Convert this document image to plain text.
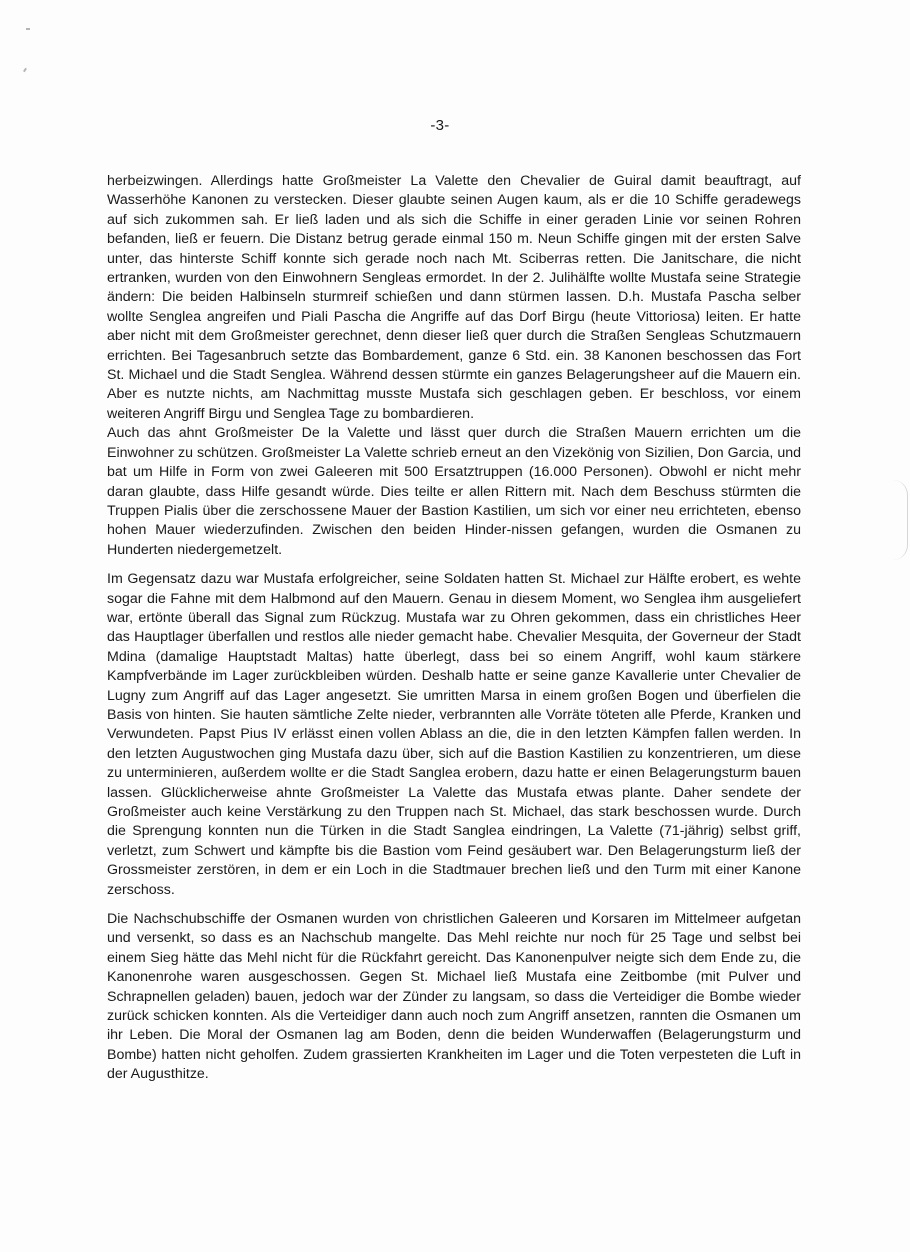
-3-

herbeizwingen. Allerdings hatte Großmeister La Valette den Chevalier de Guiral damit beauftragt, auf Wasserhöhe Kanonen zu verstecken. Dieser glaubte seinen Augen kaum, als er die 10 Schiffe geradewegs auf sich zukommen sah. Er ließ laden und als sich die Schiffe in einer geraden Linie vor seinen Rohren befanden, ließ er feuern. Die Distanz betrug gerade einmal 150 m. Neun Schiffe gingen mit der ersten Salve unter, das hinterste Schiff konnte sich gerade noch nach Mt. Sciberras retten. Die Janitschare, die nicht ertranken, wurden von den Einwohnern Sengleas ermordet. In der 2. Julihälfte wollte Mustafa seine Strategie ändern: Die beiden Halbinseln sturmreif schießen und dann stürmen lassen. D.h. Mustafa Pascha selber wollte Senglea angreifen und Piali Pascha die Angriffe auf das Dorf Birgu (heute Vittoriosa) leiten. Er hatte aber nicht mit dem Großmeister gerechnet, denn dieser ließ quer durch die Straßen Sengleas Schutzmauern errichten. Bei Tagesanbruch setzte das Bombardement, ganze 6 Std. ein. 38 Kanonen beschossen das Fort St. Michael und die Stadt Senglea. Während dessen stürmte ein ganzes Belagerungsheer auf die Mauern ein. Aber es nutzte nichts, am Nachmittag musste Mustafa sich geschlagen geben. Er beschloss, vor einem weiteren Angriff Birgu und Senglea Tage zu bombardieren.

Auch das ahnt Großmeister De la Valette und lässt quer durch die Straßen Mauern errichten um die Einwohner zu schützen. Großmeister La Valette schrieb erneut an den Vizekönig von Sizilien, Don Garcia, und bat um Hilfe in Form von zwei Galeeren mit 500 Ersatztruppen (16.000 Personen). Obwohl er nicht mehr daran glaubte, dass Hilfe gesandt würde. Dies teilte er allen Rittern mit. Nach dem Beschuss stürmten die Truppen Pialis über die zerschossene Mauer der Bastion Kastilien, um sich vor einer neu errichteten, ebenso hohen Mauer wiederzufinden. Zwischen den beiden Hinder-nissen gefangen, wurden die Osmanen zu Hunderten niedergemetzelt.

Im Gegensatz dazu war Mustafa erfolgreicher, seine Soldaten hatten St. Michael zur Hälfte erobert, es wehte sogar die Fahne mit dem Halbmond auf den Mauern. Genau in diesem Moment, wo Senglea ihm ausgeliefert war, ertönte überall das Signal zum Rückzug. Mustafa war zu Ohren gekommen, dass ein christliches Heer das Hauptlager überfallen und restlos alle nieder gemacht habe. Chevalier Mesquita, der Governeur der Stadt Mdina (damalige Hauptstadt Maltas) hatte überlegt, dass bei so einem Angriff, wohl kaum stärkere Kampfverbände im Lager zurückbleiben würden. Deshalb hatte er seine ganze Kavallerie unter Chevalier de Lugny zum Angriff auf das Lager angesetzt. Sie umritten Marsa in einem großen Bogen und überfielen die Basis von hinten. Sie hauten sämtliche Zelte nieder, verbrannten alle Vorräte töteten alle Pferde, Kranken und Verwundeten. Papst Pius IV erlässt einen vollen Ablass an die, die in den letzten Kämpfen fallen werden. In den letzten Augustwochen ging Mustafa dazu über, sich auf die Bastion Kastilien zu konzentrieren, um diese zu unterminieren, außerdem wollte er die Stadt Sanglea erobern, dazu hatte er einen Belagerungsturm bauen lassen. Glücklicherweise ahnte Großmeister La Valette das Mustafa etwas plante. Daher sendete der Großmeister auch keine Verstärkung zu den Truppen nach St. Michael, das stark beschossen wurde. Durch die Sprengung konnten nun die Türken in die Stadt Sanglea eindringen, La Valette (71-jährig) selbst griff, verletzt, zum Schwert und kämpfte bis die Bastion vom Feind gesäubert war. Den Belagerungsturm ließ der Grossmeister zerstören, in dem er ein Loch in die Stadtmauer brechen ließ und den Turm mit einer Kanone zerschoss.

Die Nachschubschiffe der Osmanen wurden von christlichen Galeeren und Korsaren im Mittelmeer aufgetan und versenkt, so dass es an Nachschub mangelte. Das Mehl reichte nur noch für 25 Tage und selbst bei einem Sieg hätte das Mehl nicht für die Rückfahrt gereicht. Das Kanonenpulver neigte sich dem Ende zu, die Kanonenrohe waren ausgeschossen. Gegen St. Michael ließ Mustafa eine Zeitbombe (mit Pulver und Schrapnellen geladen) bauen, jedoch war der Zünder zu langsam, so dass die Verteidiger die Bombe wieder zurück schicken konnten. Als die Verteidiger dann auch noch zum Angriff ansetzen, rannten die Osmanen um ihr Leben. Die Moral der Osmanen lag am Boden, denn die beiden Wunderwaffen (Belagerungsturm und Bombe) hatten nicht geholfen. Zudem grassierten Krankheiten im Lager und die Toten verpesteten die Luft in der Augusthitze.
